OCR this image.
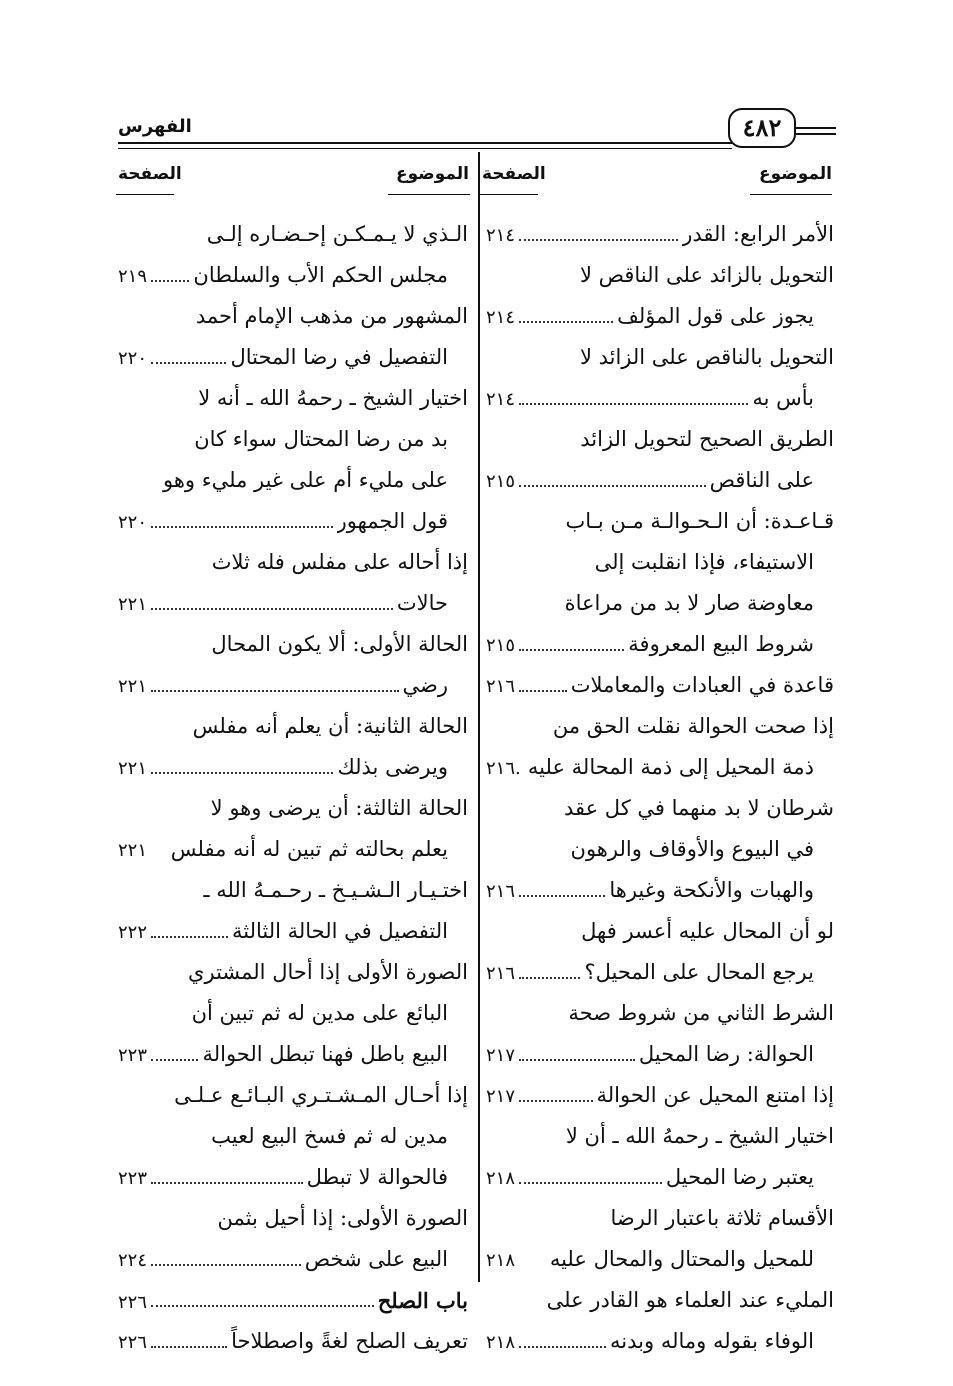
٤٨٢
الفهرس
الموضوع
الصفحة
الموضوع
الصفحة
الأمر الرابع: القدر
٢١٤
التحويل بالزائد على الناقص لا
يجوز على قول المؤلف
٢١٤
التحويل بالناقص على الزائد لا
بأس به
٢١٤
الطريق الصحيح لتحويل الزائد
على الناقص
٢١٥
قـاعـدة: أن الـحـوالـة مـن بـاب
الاستيفاء، فإذا انقلبت إلى
معاوضة صار لا بد من مراعاة
شروط البيع المعروفة
٢١٥
قاعدة في العبادات والمعاملات
٢١٦
إذا صحت الحوالة نقلت الحق من
ذمة المحيل إلى ذمة المحالة عليه
.٢١٦
شرطان لا بد منهما في كل عقد
في البيوع والأوقاف والرهون
والهبات والأنكحة وغيرها
٢١٦
لو أن المحال عليه أعسر فهل
يرجع المحال على المحيل؟
٢١٦
الشرط الثاني من شروط صحة
الحوالة: رضا المحيل
٢١٧
إذا امتنع المحيل عن الحوالة
٢١٧
اختيار الشيخ ـ رحمهُ الله ـ أن لا
يعتبر رضا المحيل
٢١٨
الأقسام ثلاثة باعتبار الرضا
للمحيل والمحتال والمحال عليه
٢١٨
المليء عند العلماء هو القادر على
الوفاء بقوله وماله وبدنه
٢١٨
الـذي لا يـمـكـن إحـضـاره إلـى
مجلس الحكم الأب والسلطان
٢١٩
المشهور من مذهب الإمام أحمد
التفصيل في رضا المحتال
٢٢٠
اختيار الشيخ ـ رحمهُ الله ـ أنه لا
بد من رضا المحتال سواء كان
على مليء أم على غير مليء وهو
قول الجمهور
٢٢٠
إذا أحاله على مفلس فله ثلاث
حالات
٢٢١
الحالة الأولى: ألا يكون المحال
رضي
٢٢١
الحالة الثانية: أن يعلم أنه مفلس
ويرضى بذلك
٢٢١
الحالة الثالثة: أن يرضى وهو لا
يعلم بحالته ثم تبين له أنه مفلس
٢٢١
اختـيـار الـشـيـخ ـ رحـمـهُ الله ـ
التفصيل في الحالة الثالثة
٢٢٢
الصورة الأولى إذا أحال المشتري
البائع على مدين له ثم تبين أن
البيع باطل فهنا تبطل الحوالة
٢٢٣
إذا أحـال المـشـتـري البـائـع عـلـى
مدين له ثم فسخ البيع لعيب
فالحوالة لا تبطل
٢٢٣
الصورة الأولى: إذا أحيل بثمن
البيع على شخص
٢٢٤
باب الصلح
٢٢٦
تعريف الصلح لغةً واصطلاحاً
٢٢٦
